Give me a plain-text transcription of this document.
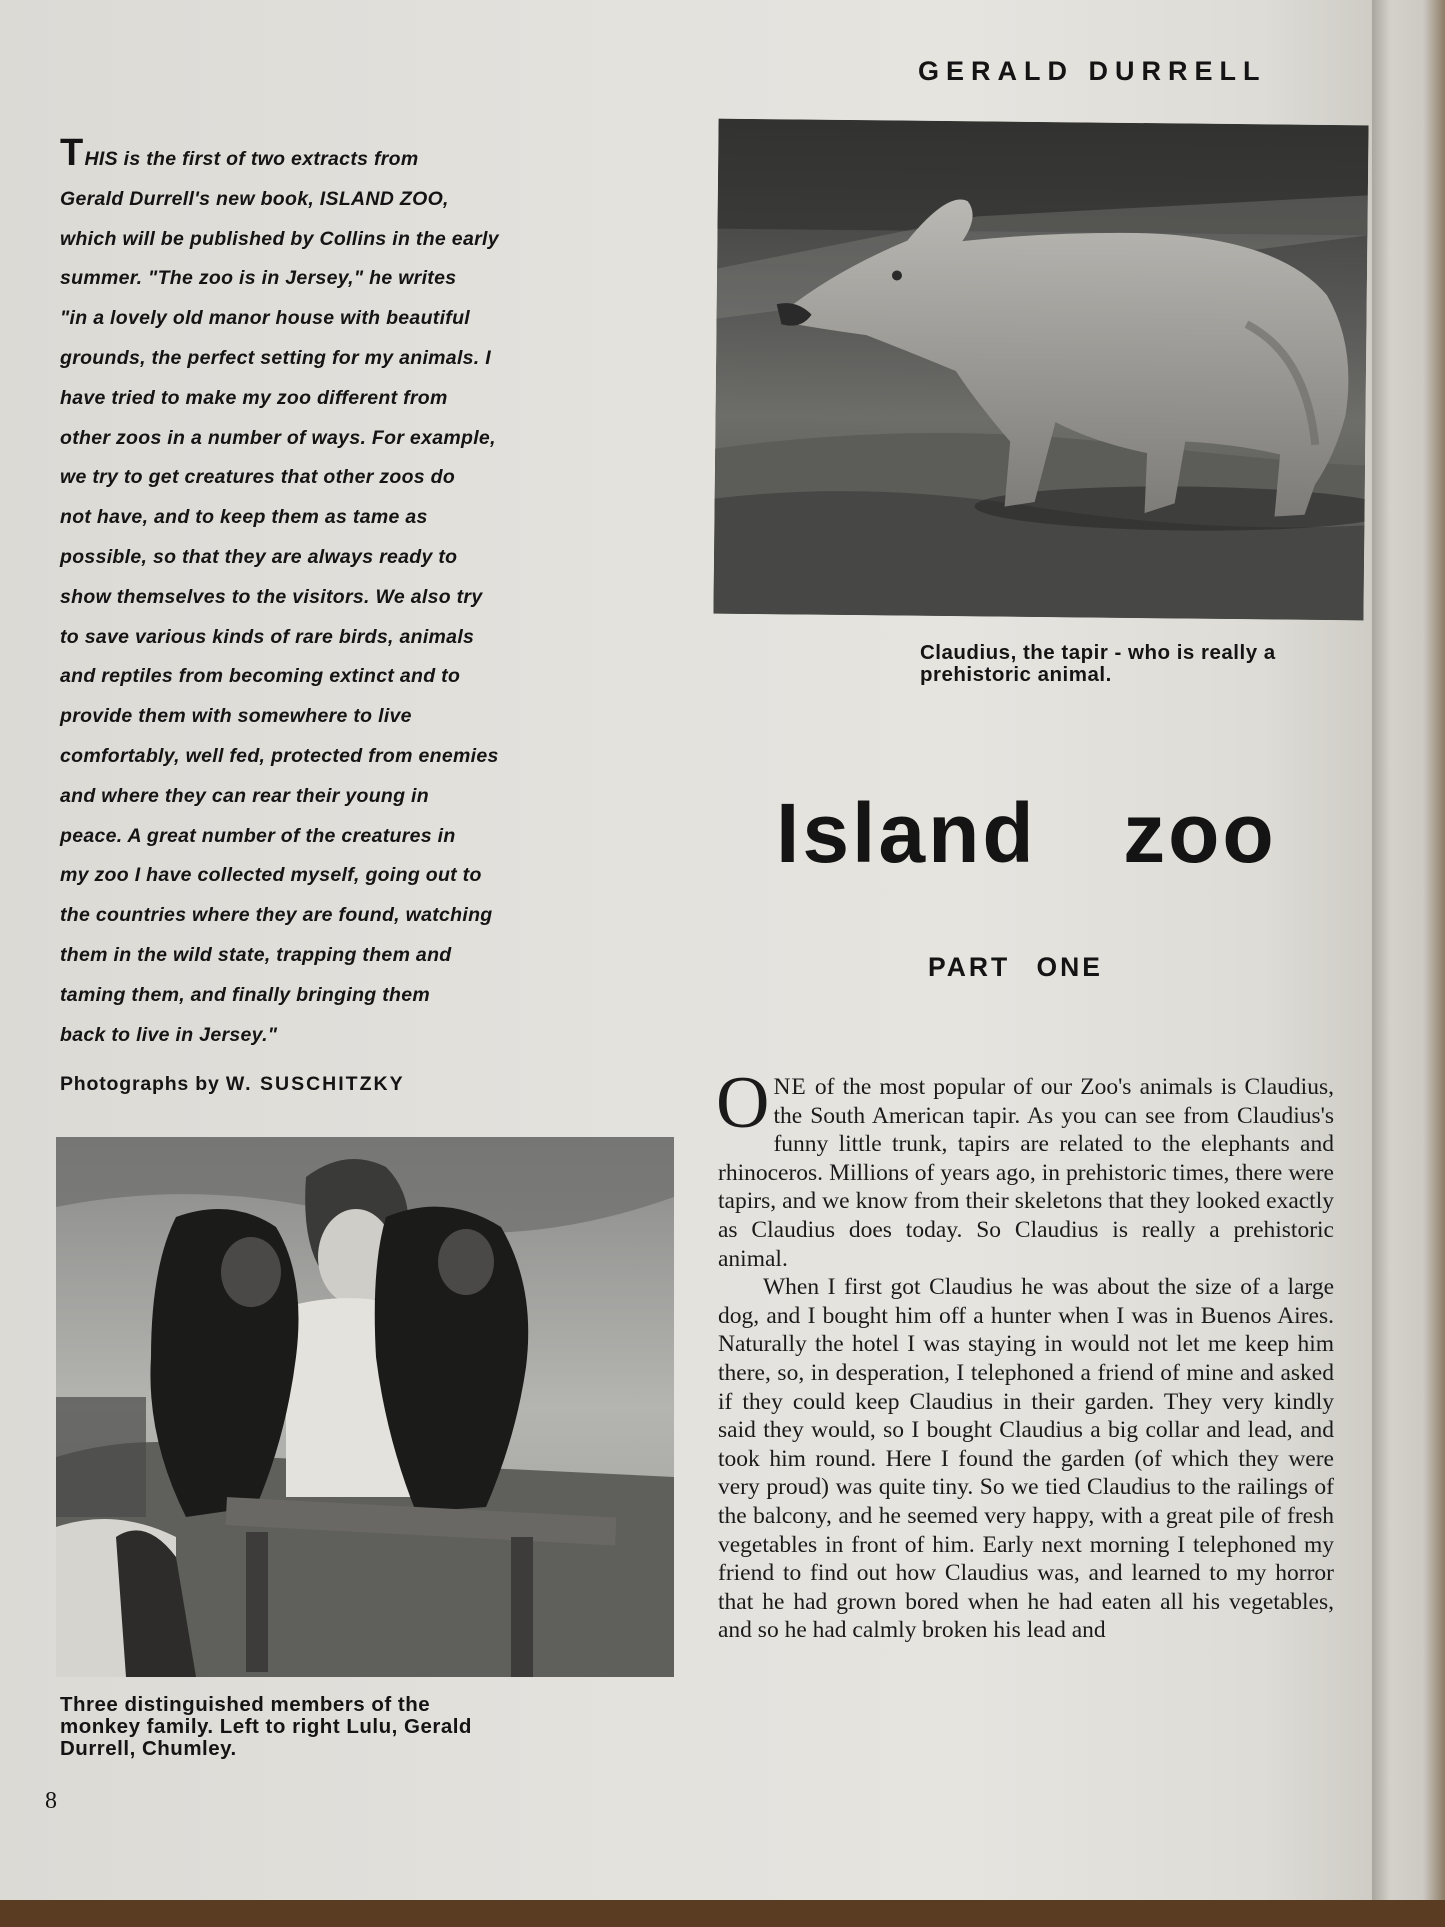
GERALD DURRELL
THIS is the first of two extracts from
Gerald Durrell's new book, ISLAND ZOO,
which will be published by Collins in the early
summer. "The zoo is in Jersey," he writes
"in a lovely old manor house with beautiful
grounds, the perfect setting for my animals. I
have tried to make my zoo different from
other zoos in a number of ways. For example,
we try to get creatures that other zoos do
not have, and to keep them as tame as
possible, so that they are always ready to
show themselves to the visitors. We also try
to save various kinds of rare birds, animals
and reptiles from becoming extinct and to
provide them with somewhere to live
comfortably, well fed, protected from enemies
and where they can rear their young in
peace. A great number of the creatures in
my zoo I have collected myself, going out to
the countries where they are found, watching
them in the wild state, trapping them and
taming them, and finally bringing them
back to live in Jersey."
Photographs by W. SUSCHITZKY
Claudius, the tapir - who is really a prehistoric animal.
Island zoo
PART ONE
Three distinguished members of the monkey family. Left to right Lulu, Gerald Durrell, Chumley.

ONE of the most popular of our Zoo's animals is Claudius, the South American tapir. As you can see from Claudius's funny little trunk, tapirs are related to the elephants and rhinoceros. Millions of years ago, in prehistoric times, there were tapirs, and we know from their skeletons that they looked exactly as Claudius does today. So Claudius is really a prehistoric animal.

When I first got Claudius he was about the size of a large dog, and I bought him off a hunter when I was in Buenos Aires. Naturally the hotel I was staying in would not let me keep him there, so, in desperation, I telephoned a friend of mine and asked if they could keep Claudius in their garden. They very kindly said they would, so I bought Claudius a big collar and lead, and took him round. Here I found the garden (of which they were very proud) was quite tiny. So we tied Claudius to the railings of the balcony, and he seemed very happy, with a great pile of fresh vegetables in front of him. Early next morning I telephoned my friend to find out how Claudius was, and learned to my horror that he had grown bored when he had eaten all his vegetables, and so he had calmly broken his lead and

8
